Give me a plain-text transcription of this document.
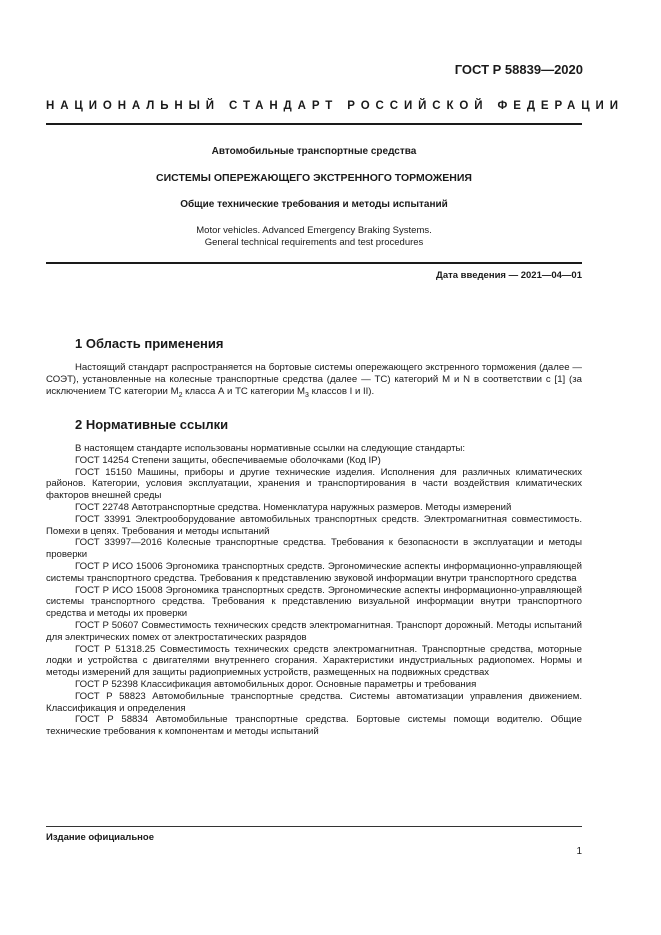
ГОСТ Р 58839—2020
НАЦИОНАЛЬНЫЙ СТАНДАРТ РОССИЙСКОЙ ФЕДЕРАЦИИ
Автомобильные транспортные средства
СИСТЕМЫ ОПЕРЕЖАЮЩЕГО ЭКСТРЕННОГО ТОРМОЖЕНИЯ
Общие технические требования и методы испытаний
Motor vehicles. Advanced Emergency Braking Systems.
General technical requirements and test procedures
Дата введения — 2021—04—01
1 Область применения

Настоящий стандарт распространяется на бортовые системы опережающего экстренного торможения (далее — СОЭТ), установленные на колесные транспортные средства (далее — ТС) категорий M и N в соответствии с [1] (за исключением ТС категории $M_2$ класса А и ТС категории $M_3$ классов I и II).

2 Нормативные ссылки

В настоящем стандарте использованы нормативные ссылки на следующие стандарты:

ГОСТ 14254 Степени защиты, обеспечиваемые оболочками (Код IP)

ГОСТ 15150 Машины, приборы и другие технические изделия. Исполнения для различных климатических районов. Категории, условия эксплуатации, хранения и транспортирования в части воздействия климатических факторов внешней среды

ГОСТ 22748 Автотранспортные средства. Номенклатура наружных размеров. Методы измерений

ГОСТ 33991 Электрооборудование автомобильных транспортных средств. Электромагнитная совместимость. Помехи в цепях. Требования и методы испытаний

ГОСТ 33997—2016 Колесные транспортные средства. Требования к безопасности в эксплуатации и методы проверки

ГОСТ Р ИСО 15006 Эргономика транспортных средств. Эргономические аспекты информационно-управляющей системы транспортного средства. Требования к представлению звуковой информации внутри транспортного средства

ГОСТ Р ИСО 15008 Эргономика транспортных средств. Эргономические аспекты информационно-управляющей системы транспортного средства. Требования к представлению визуальной информации внутри транспортного средства и методы их проверки

ГОСТ Р 50607 Совместимость технических средств электромагнитная. Транспорт дорожный. Методы испытаний для электрических помех от электростатических разрядов

ГОСТ Р 51318.25 Совместимость технических средств электромагнитная. Транспортные средства, моторные лодки и устройства с двигателями внутреннего сгорания. Характеристики индустриальных радиопомех. Нормы и методы измерений для защиты радиоприемных устройств, размещенных на подвижных средствах

ГОСТ Р 52398 Классификация автомобильных дорог. Основные параметры и требования

ГОСТ Р 58823 Автомобильные транспортные средства. Системы автоматизации управления движением. Классификация и определения

ГОСТ Р 58834 Автомобильные транспортные средства. Бортовые системы помощи водителю. Общие технические требования к компонентам и методы испытаний

Издание официальное
1
